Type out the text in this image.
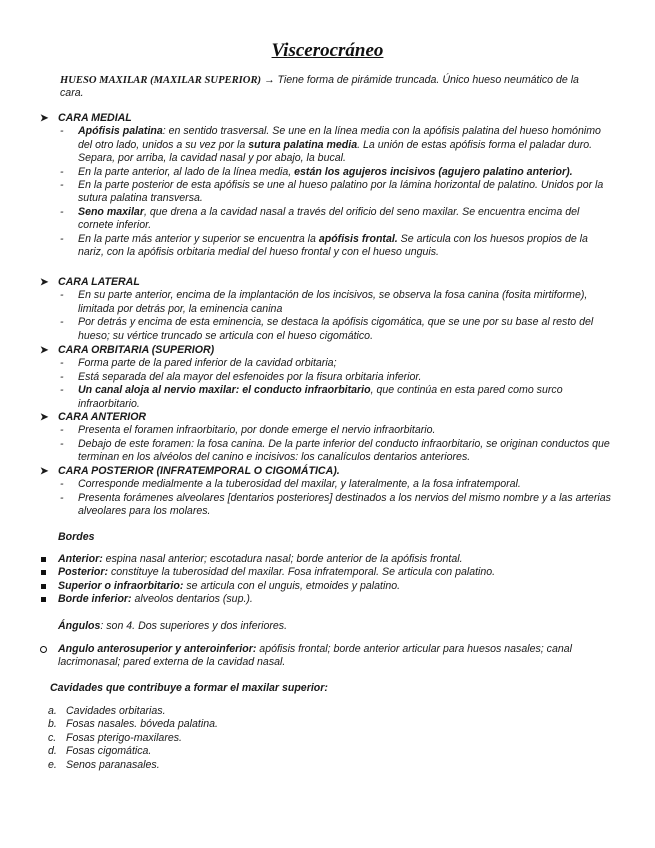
Viscerocráneo
HUESO MAXILAR (MAXILAR SUPERIOR) → Tiene forma de pirámide truncada. Único hueso neumático de la cara.
➤ CARA MEDIAL
- Apófisis palatina: en sentido trasversal. Se une en la línea media con la apófisis palatina del hueso homónimo del otro lado, unidos a su vez por la sutura palatina media. La unión de estas apófisis forma el paladar duro. Separa, por arriba, la cavidad nasal y por abajo, la bucal.
- En la parte anterior, al lado de la línea media, están los agujeros incisivos (agujero palatino anterior).
- En la parte posterior de esta apófisis se une al hueso palatino por la lámina horizontal de palatino. Unidos por la sutura palatina transversa.
- Seno maxilar, que drena a la cavidad nasal a través del orificio del seno maxilar. Se encuentra encima del cornete inferior.
- En la parte más anterior y superior se encuentra la apófisis frontal. Se articula con los huesos propios de la nariz, con la apófisis orbitaria medial del hueso frontal y con el hueso unguis.
➤ CARA LATERAL
- En su parte anterior, encima de la implantación de los incisivos, se observa la fosa canina (fosita mirtiforme), limitada por detrás por, la eminencia canina
- Por detrás y encima de esta eminencia, se destaca la apófisis cigomática, que se une por su base al resto del hueso; su vértice truncado se articula con el hueso cigomático.
➤ CARA ORBITARIA (SUPERIOR)
- Forma parte de la pared inferior de la cavidad orbitaria;
- Está separada del ala mayor del esfenoides por la fisura orbitaria inferior.
- Un canal aloja al nervio maxilar: el conducto infraorbitario, que continúa en esta pared como surco infraorbitario.
➤ CARA ANTERIOR
- Presenta el foramen infraorbitario, por donde emerge el nervio infraorbitario.
- Debajo de este foramen: la fosa canina. De la parte inferior del conducto infraorbitario, se originan conductos que terminan en los alvéolos del canino e incisivos: los canalículos dentarios anteriores.
➤ CARA POSTERIOR (INFRATEMPORAL O CIGOMÁTICA).
- Corresponde medialmente a la tuberosidad del maxilar, y lateralmente, a la fosa infratemporal.
- Presenta forámenes alveolares [dentarios posteriores] destinados a los nervios del mismo nombre y a las arterias alveolares para los molares.
Bordes
Anterior: espina nasal anterior; escotadura nasal; borde anterior de la apófisis frontal.
Posterior: constituye la tuberosidad del maxilar. Fosa infratemporal. Se articula con palatino.
Superior o infraorbitario: se articula con el unguis, etmoides y palatino.
Borde inferior: alveolos dentarios (sup.).
Ángulos: son 4. Dos superiores y dos inferiores.
Angulo anterosuperior y anteroinferior: apófisis frontal; borde anterior articular para huesos nasales; canal lacrimonasal; pared externa de la cavidad nasal.
Cavidades que contribuye a formar el maxilar superior:
a. Cavidades orbitarias.
b. Fosas nasales. bóveda palatina.
c. Fosas pterigo-maxilares.
d. Fosas cigomática.
e. Senos paranasales.
